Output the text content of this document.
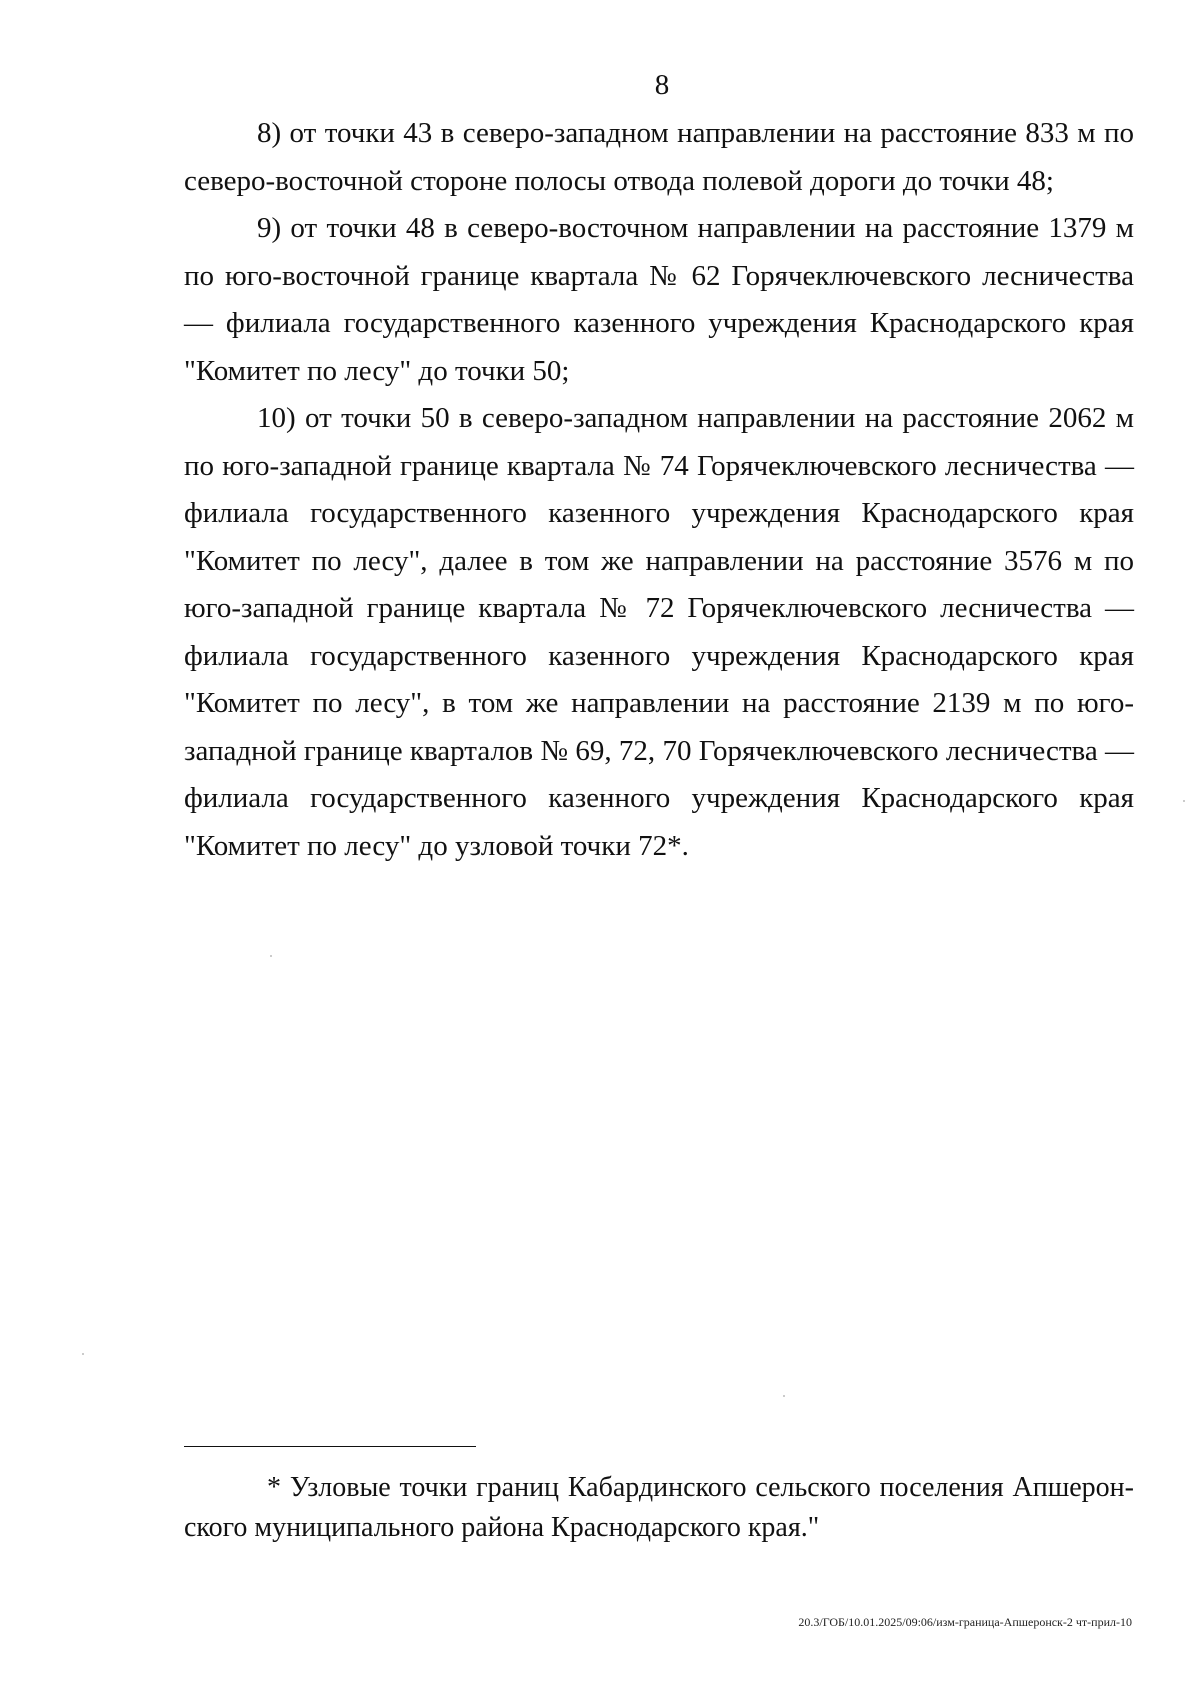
8

8) от точки 43 в северо-западном направлении на расстояние 833 м по северо-восточной стороне полосы отвода полевой дороги до точки 48;

9) от точки 48 в северо-восточном направлении на расстояние 1379 м по юго-восточной границе квартала № 62 Горячеключевского лесничества — филиала государственного казенного учреждения Краснодарского края "Комитет по лесу" до точки 50;

10) от точки 50 в северо-западном направлении на расстояние 2062 м по юго-западной границе квартала № 74 Горячеключевского лесничества — филиала государственного казенного учреждения Краснодарского края "Комитет по лесу", далее в том же направлении на расстояние 3576 м по юго-западной границе квартала № 72 Горячеключевского лесничества — филиала государственного казенного учреждения Краснодарского края "Комитет по лесу", в том же направлении на расстояние 2139 м по юго-западной границе кварталов № 69, 72, 70 Горячеключевского лесничества — филиала государственного казенного учреждения Краснодарского края "Комитет по лесу" до узловой точки 72*.

* Узловые точки границ Кабардинского сельского поселения Апшеронского муниципального района Краснодарского края."

20.3/ГОБ/10.01.2025/09:06/изм-граница-Апшеронск-2 чт-прил-10
